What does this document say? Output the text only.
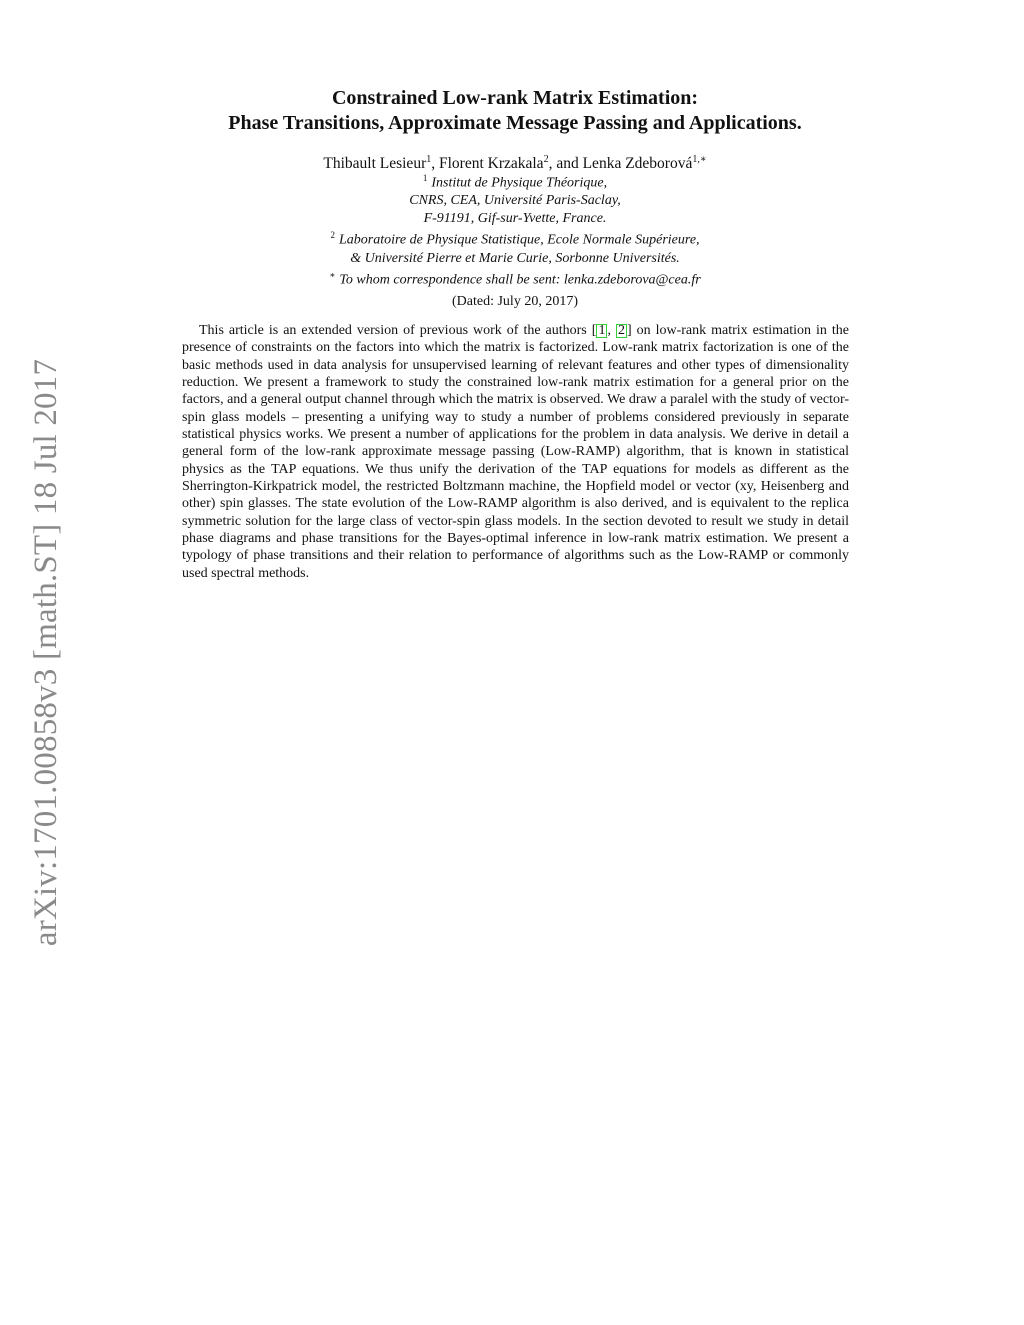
arXiv:1701.00858v3 [math.ST] 18 Jul 2017
Constrained Low-rank Matrix Estimation:
Phase Transitions, Approximate Message Passing and Applications.
Thibault Lesieur$^1$, Florent Krzakala$^2$, and Lenka Zdeborová$^{1,∗}$
$^1$ Institut de Physique Théorique,
CNRS, CEA, Université Paris-Saclay,
F-91191, Gif-sur-Yvette, France.
$^2$ Laboratoire de Physique Statistique, Ecole Normale Supérieure,
& Université Pierre et Marie Curie, Sorbonne Universités.
∗ To whom correspondence shall be sent: lenka.zdeborova@cea.fr
(Dated: July 20, 2017)
This article is an extended version of previous work of the authors [ 1 , 2 ] on low-rank matrix estimation in the presence of constraints on the factors into which the matrix is factorized. Low-rank matrix factorization is one of the basic methods used in data analysis for unsupervised learning of relevant features and other types of dimensionality reduction. We present a framework to study the constrained low-rank matrix estimation for a general prior on the factors, and a general output channel through which the matrix is observed. We draw a paralel with the study of vector-spin glass models – presenting a unifying way to study a number of problems considered previously in separate statistical physics works. We present a number of applications for the problem in data analysis. We derive in detail a general form of the low-rank approximate message passing (Low-RAMP) algorithm, that is known in statistical physics as the TAP equations. We thus unify the derivation of the TAP equations for models as different as the Sherrington-Kirkpatrick model, the restricted Boltzmann machine, the Hopfield model or vector (xy, Heisenberg and other) spin glasses. The state evolution of the Low-RAMP algorithm is also derived, and is equivalent to the replica symmetric solution for the large class of vector-spin glass models. In the section devoted to result we study in detail phase diagrams and phase transitions for the Bayes-optimal inference in low-rank matrix estimation. We present a typology of phase transitions and their relation to performance of algorithms such as the Low-RAMP or commonly used spectral methods.
